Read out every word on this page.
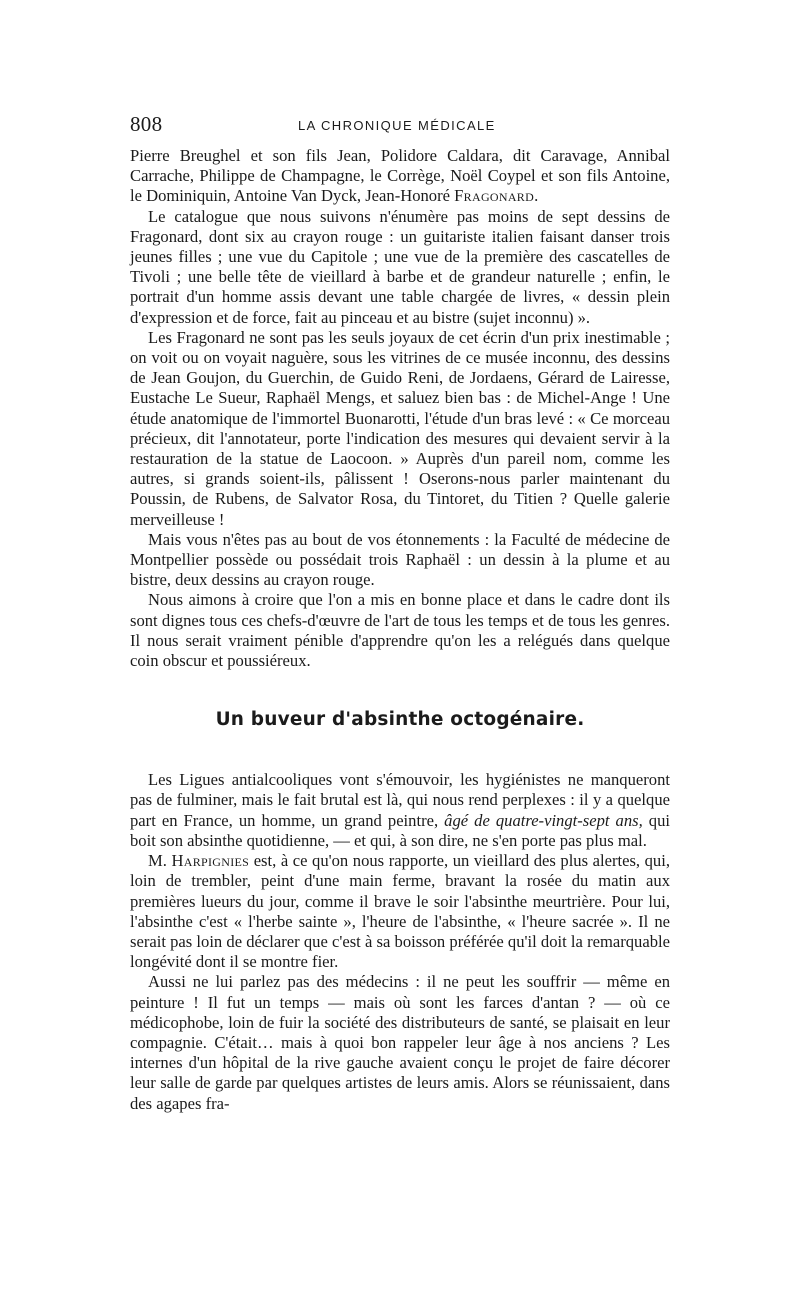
808	LA CHRONIQUE MÉDICALE

Pierre Breughel et son fils Jean, Polidore Caldara, dit Caravage, Annibal Carrache, Philippe de Champagne, le Corrège, Noël Coypel et son fils Antoine, le Dominiquin, Antoine Van Dyck, Jean-Honoré Fragonard.

Le catalogue que nous suivons n'énumère pas moins de sept dessins de Fragonard, dont six au crayon rouge : un guitariste italien faisant danser trois jeunes filles ; une vue du Capitole ; une vue de la première des cascatelles de Tivoli ; une belle tête de vieillard à barbe et de grandeur naturelle ; enfin, le portrait d'un homme assis devant une table chargée de livres, « dessin plein d'expression et de force, fait au pinceau et au bistre (sujet inconnu) ».

Les Fragonard ne sont pas les seuls joyaux de cet écrin d'un prix inestimable ; on voit ou on voyait naguère, sous les vitrines de ce musée inconnu, des dessins de Jean Goujon, du Guerchin, de Guido Reni, de Jordaens, Gérard de Lairesse, Eustache Le Sueur, Raphaël Mengs, et saluez bien bas : de Michel-Ange ! Une étude anatomique de l'immortel Buonarotti, l'étude d'un bras levé : « Ce morceau précieux, dit l'annotateur, porte l'indication des mesures qui devaient servir à la restauration de la statue de Laocoon. » Auprès d'un pareil nom, comme les autres, si grands soient-ils, pâlissent ! Oserons-nous parler maintenant du Poussin, de Rubens, de Salvator Rosa, du Tintoret, du Titien ? Quelle galerie merveilleuse !

Mais vous n'êtes pas au bout de vos étonnements : la Faculté de médecine de Montpellier possède ou possédait trois Raphaël : un dessin à la plume et au bistre, deux dessins au crayon rouge.

Nous aimons à croire que l'on a mis en bonne place et dans le cadre dont ils sont dignes tous ces chefs-d'œuvre de l'art de tous les temps et de tous les genres. Il nous serait vraiment pénible d'apprendre qu'on les a relégués dans quelque coin obscur et poussiéreux.

Un buveur d'absinthe octogénaire.

Les Ligues antialcooliques vont s'émouvoir, les hygiénistes ne manqueront pas de fulminer, mais le fait brutal est là, qui nous rend perplexes : il y a quelque part en France, un homme, un grand peintre, âgé de quatre-vingt-sept ans, qui boit son absinthe quotidienne, — et qui, à son dire, ne s'en porte pas plus mal.

M. Harpignies est, à ce qu'on nous rapporte, un vieillard des plus alertes, qui, loin de trembler, peint d'une main ferme, bravant la rosée du matin aux premières lueurs du jour, comme il brave le soir l'absinthe meurtrière. Pour lui, l'absinthe c'est « l'herbe sainte », l'heure de l'absinthe, « l'heure sacrée ». Il ne serait pas loin de déclarer que c'est à sa boisson préférée qu'il doit la remarquable longévité dont il se montre fier.

Aussi ne lui parlez pas des médecins : il ne peut les souffrir — même en peinture ! Il fut un temps — mais où sont les farces d'antan ? — où ce médicophobe, loin de fuir la société des distributeurs de santé, se plaisait en leur compagnie. C'était… mais à quoi bon rappeler leur âge à nos anciens ? Les internes d'un hôpital de la rive gauche avaient conçu le projet de faire décorer leur salle de garde par quelques artistes de leurs amis. Alors se réunissaient, dans des agapes fra-
